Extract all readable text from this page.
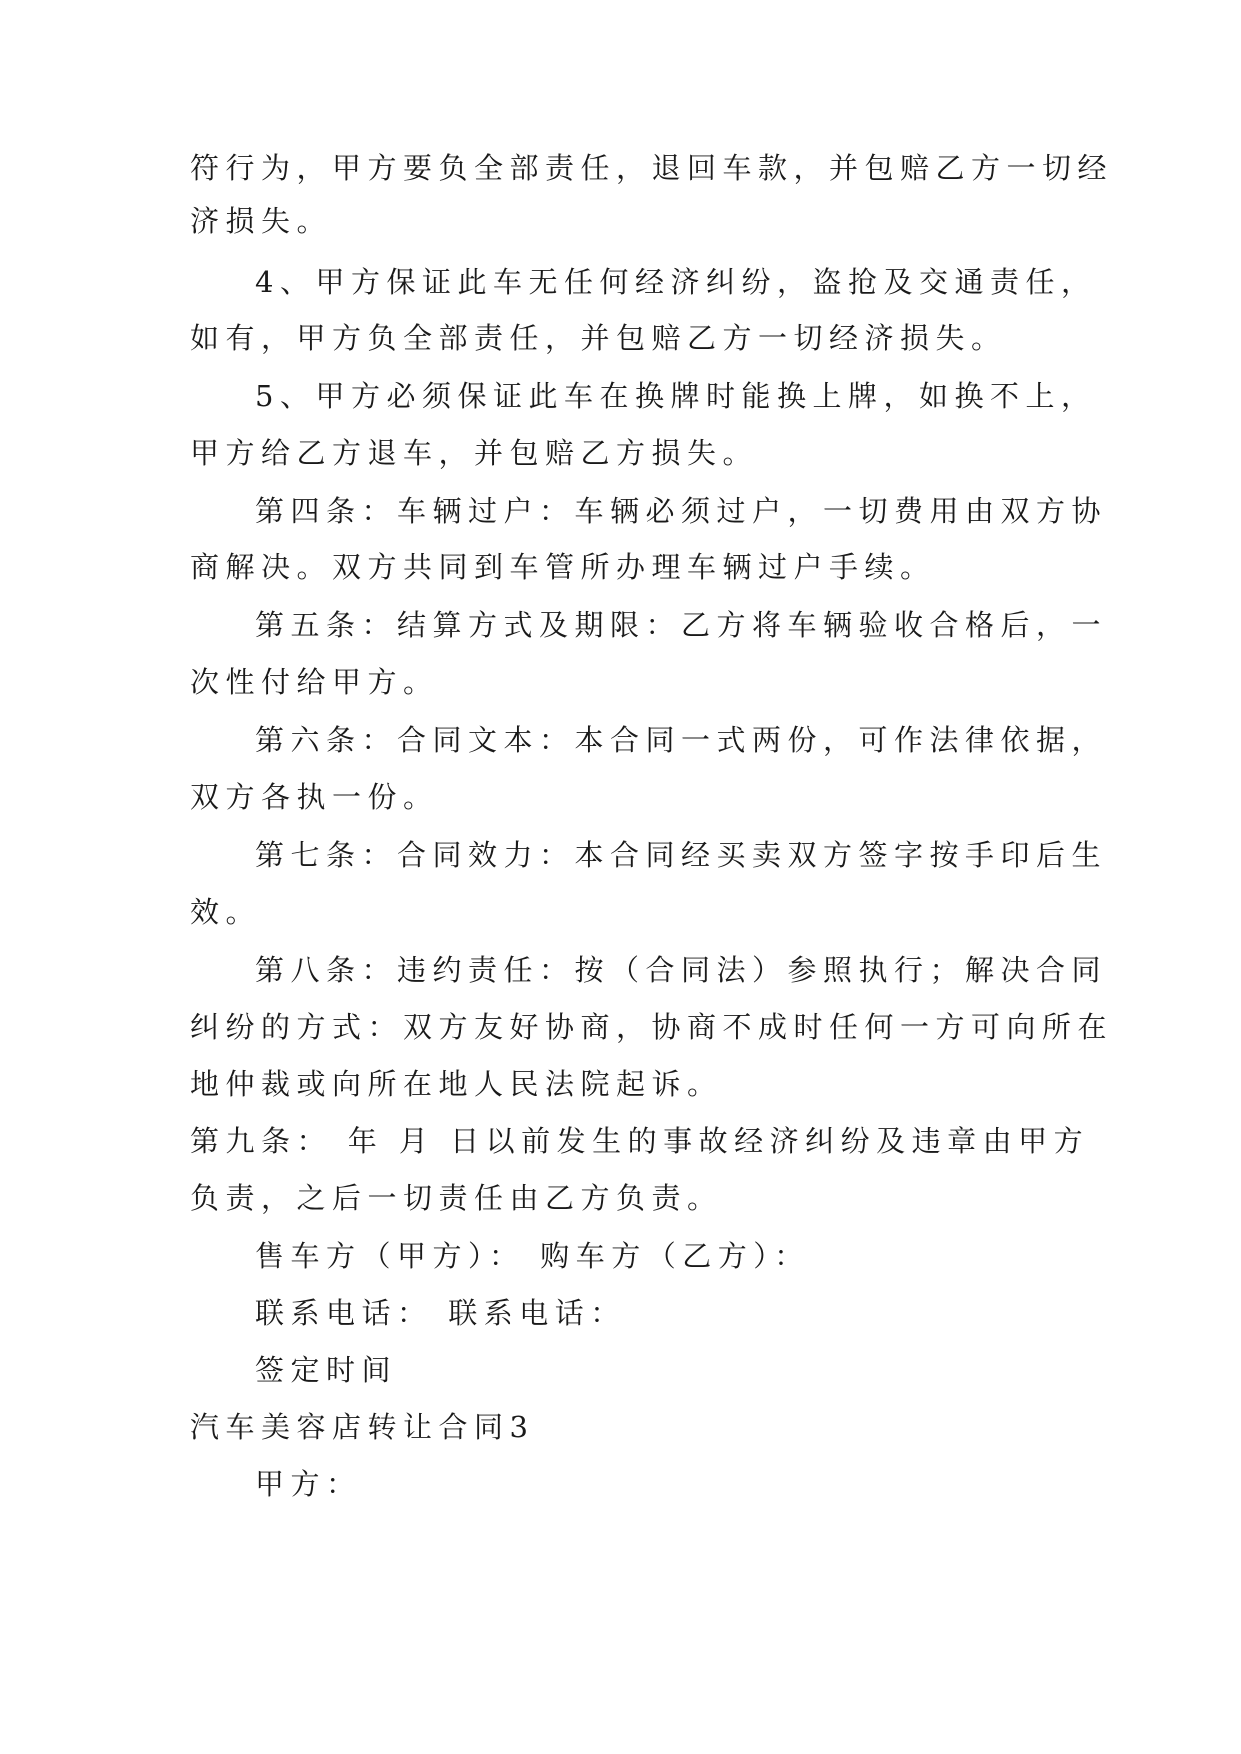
符行为，甲方要负全部责任，退回车款，并包赔乙方一切经
济损失。
4、甲方保证此车无任何经济纠纷，盗抢及交通责任，
如有，甲方负全部责任，并包赔乙方一切经济损失。
5、甲方必须保证此车在换牌时能换上牌，如换不上，
甲方给乙方退车，并包赔乙方损失。
第四条：车辆过户：车辆必须过户，一切费用由双方协
商解决。双方共同到车管所办理车辆过户手续。
第五条：结算方式及期限：乙方将车辆验收合格后，一
次性付给甲方。
第六条：合同文本：本合同一式两份，可作法律依据，
双方各执一份。
第七条：合同效力：本合同经买卖双方签字按手印后生
效。
第八条：违约责任：按（合同法）参照执行；解决合同
纠纷的方式：双方友好协商，协商不成时任何一方可向所在
地仲裁或向所在地人民法院起诉。
第九条： 年 月 日以前发生的事故经济纠纷及违章由甲方
负责，之后一切责任由乙方负责。
售车方（甲方）： 购车方（乙方）：
联系电话： 联系电话：
签定时间
汽车美容店转让合同3
甲方：
